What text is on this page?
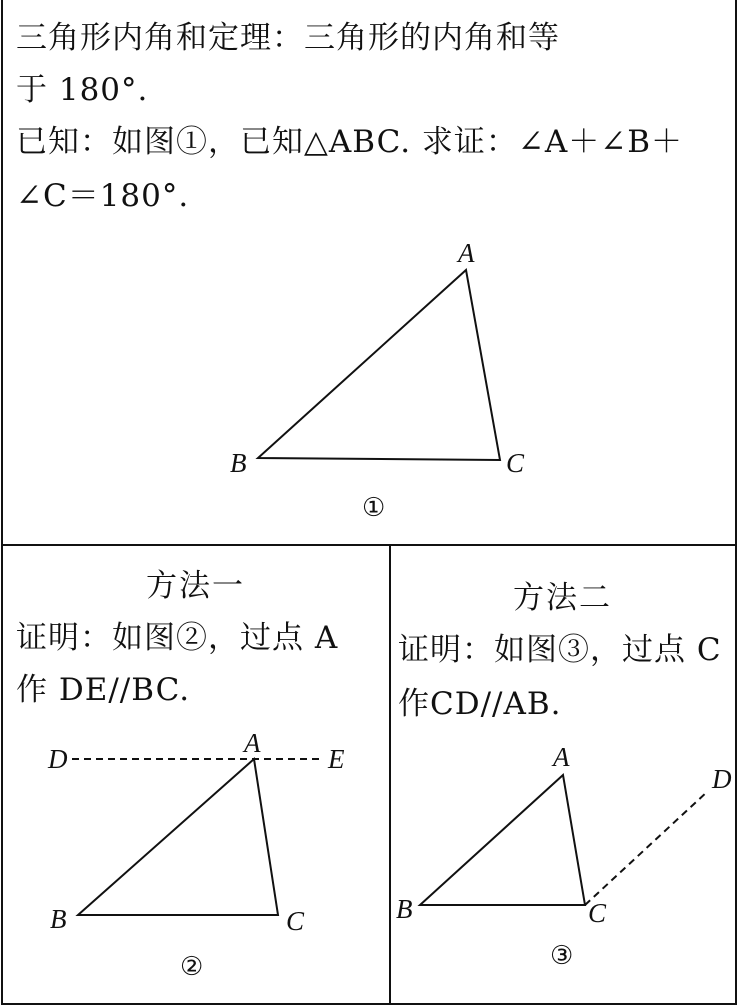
三角形内角和定理：三角形的内角和等
于 180°.
已知：如图①，已知△ABC. 求证：∠A＋∠B＋
∠C＝180°.
方法一
证明：如图②，过点 A
作 DE//BC.
方法二
证明：如图③，过点 C
作CD//AB.
A
B	C
①
D
A
E
B	C
②
A
D
B	C
③
